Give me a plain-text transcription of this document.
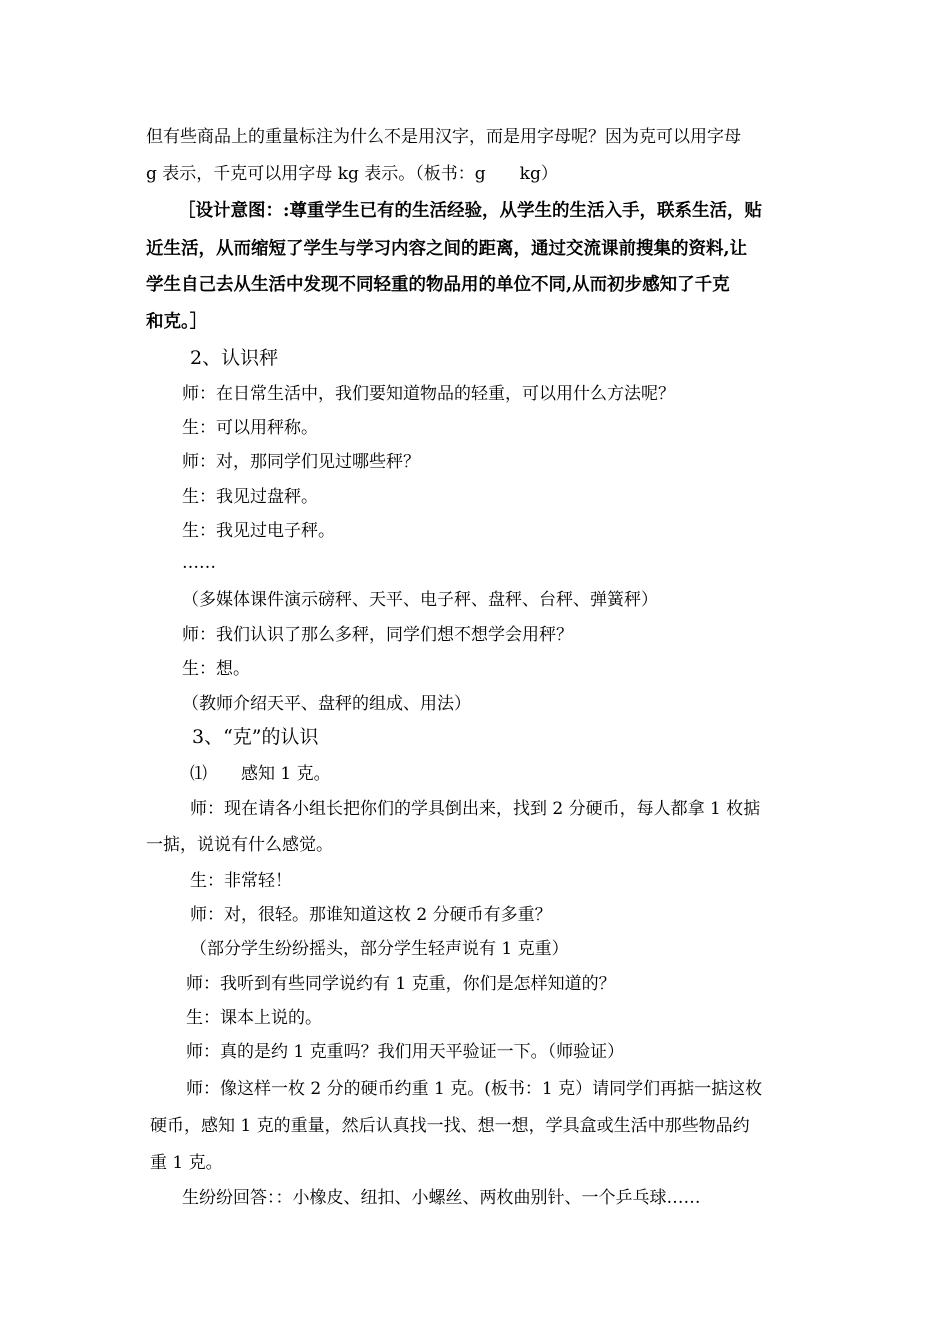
但有些商品上的重量标注为什么不是用汉字，而是用字母呢？因为克可以用字母
g 表示，千克可以用字母 kg 表示。（板书：g　　kg）
［设计意图：:尊重学生已有的生活经验，从学生的生活入手，联系生活，贴
近生活，从而缩短了学生与学习内容之间的距离，通过交流课前搜集的资料,让
学生自己去从生活中发现不同轻重的物品用的单位不同,从而初步感知了千克
和克。］
2、认识秤
师：在日常生活中，我们要知道物品的轻重，可以用什么方法呢？
生：可以用秤称。
师：对，那同学们见过哪些秤？
生：我见过盘秤。
生：我见过电子秤。
……
（多媒体课件演示磅秤、天平、电子秤、盘秤、台秤、弹簧秤）
师：我们认识了那么多秤，同学们想不想学会用秤？
生：想。
（教师介绍天平、盘秤的组成、用法）
3、“克”的认识
⑴　　感知 1 克。
师：现在请各小组长把你们的学具倒出来，找到 2 分硬币，每人都拿 1 枚掂
一掂，说说有什么感觉。
生：非常轻！
师：对，很轻。那谁知道这枚 2 分硬币有多重？
（部分学生纷纷摇头，部分学生轻声说有 1 克重）
师：我听到有些同学说约有 1 克重，你们是怎样知道的？
生：课本上说的。
师：真的是约 1 克重吗？我们用天平验证一下。（师验证）
师：像这样一枚 2 分的硬币约重 1 克。(板书：1 克）请同学们再掂一掂这枚
硬币，感知 1 克的重量，然后认真找一找、想一想，学具盒或生活中那些物品约
重 1 克。
生纷纷回答：：小橡皮、纽扣、小螺丝、两枚曲别针、一个乒乓球……
